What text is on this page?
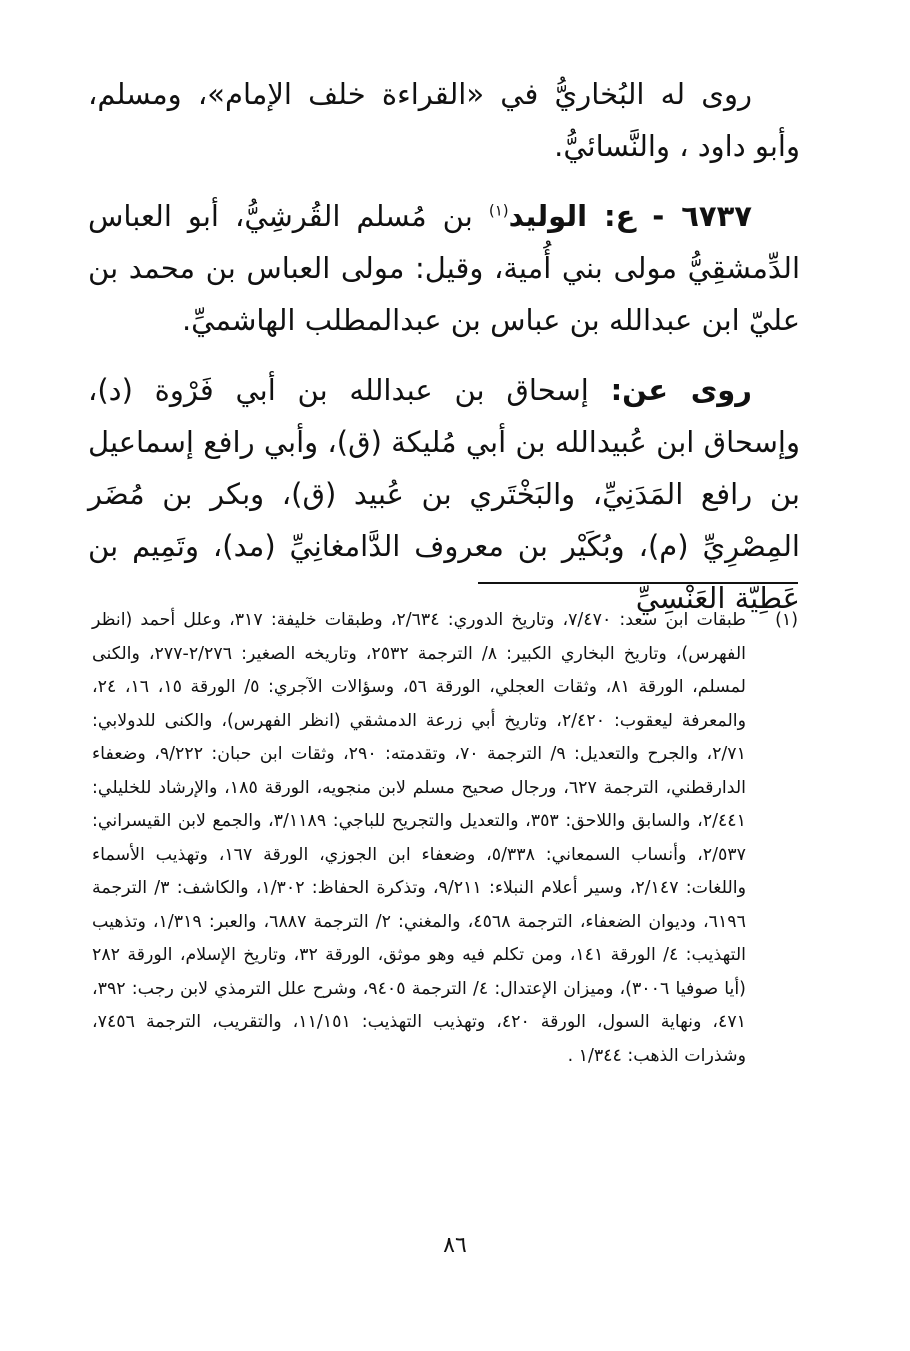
روى له البُخاريُّ في «القراءة خلف الإمام»، ومسلم، وأبو داود ، والنَّسائيُّ.

٦٧٣٧ - ع: الوليد$^{(١)}$ بن مُسلم القُرشِيُّ، أبو العباس الدِّمشقِيُّ مولى بني أُمية، وقيل: مولى العباس بن محمد بن عليّ ابن عبدالله بن عباس بن عبدالمطلب الهاشميِّ.

روى عن: إسحاق بن عبدالله بن أبي فَرْوة (د)، وإسحاق ابن عُبيدالله بن أبي مُليكة (ق)، وأبي رافع إسماعيل بن رافع المَدَنِيِّ، والبَخْتَري بن عُبيد (ق)، وبكر بن مُضَر المِصْرِيِّ (م)، وبُكَيْر بن معروف الدَّامغانِيِّ (مد)، وتَمِيم بن عَطِيّة العَنْسِيِّ

(١)
طبقات ابن سعد: ٧/٤٧٠، وتاريخ الدوري: ٢/٦٣٤، وطبقات خليفة: ٣١٧، وعلل أحمد (انظر الفهرس)، وتاريخ البخاري الكبير: ٨/ الترجمة ٢٥٣٢، وتاريخه الصغير: ٢/٢٧٦-٢٧٧، والكنى لمسلم، الورقة ٨١، وثقات العجلي، الورقة ٥٦، وسؤالات الآجري: ٥/ الورقة ١٥، ١٦، ٢٤، والمعرفة ليعقوب: ٢/٤٢٠، وتاريخ أبي زرعة الدمشقي (انظر الفهرس)، والكنى للدولابي: ٢/٧١، والجرح والتعديل: ٩/ الترجمة ٧٠، وتقدمته: ٢٩٠، وثقات ابن حبان: ٩/٢٢٢، وضعفاء الدارقطني، الترجمة ٦٢٧، ورجال صحيح مسلم لابن منجويه، الورقة ١٨٥، والإرشاد للخليلي: ٢/٤٤١، والسابق واللاحق: ٣٥٣، والتعديل والتجريح للباجي: ٣/١١٨٩، والجمع لابن القيسراني: ٢/٥٣٧، وأنساب السمعاني: ٥/٣٣٨، وضعفاء ابن الجوزي، الورقة ١٦٧، وتهذيب الأسماء واللغات: ٢/١٤٧، وسير أعلام النبلاء: ٩/٢١١، وتذكرة الحفاظ: ١/٣٠٢، والكاشف: ٣/ الترجمة ٦١٩٦، وديوان الضعفاء، الترجمة ٤٥٦٨، والمغني: ٢/ الترجمة ٦٨٨٧، والعبر: ١/٣١٩، وتذهيب التهذيب: ٤/ الورقة ١٤١، ومن تكلم فيه وهو موثق، الورقة ٣٢، وتاريخ الإسلام، الورقة ٢٨٢ (أيا صوفيا ٣٠٠٦)، وميزان الإعتدال: ٤/ الترجمة ٩٤٠٥، وشرح علل الترمذي لابن رجب: ٣٩٢، ٤٧١، ونهاية السول، الورقة ٤٢٠، وتهذيب التهذيب: ١١/١٥١، والتقريب، الترجمة ٧٤٥٦، وشذرات الذهب: ١/٣٤٤ .
٨٦
